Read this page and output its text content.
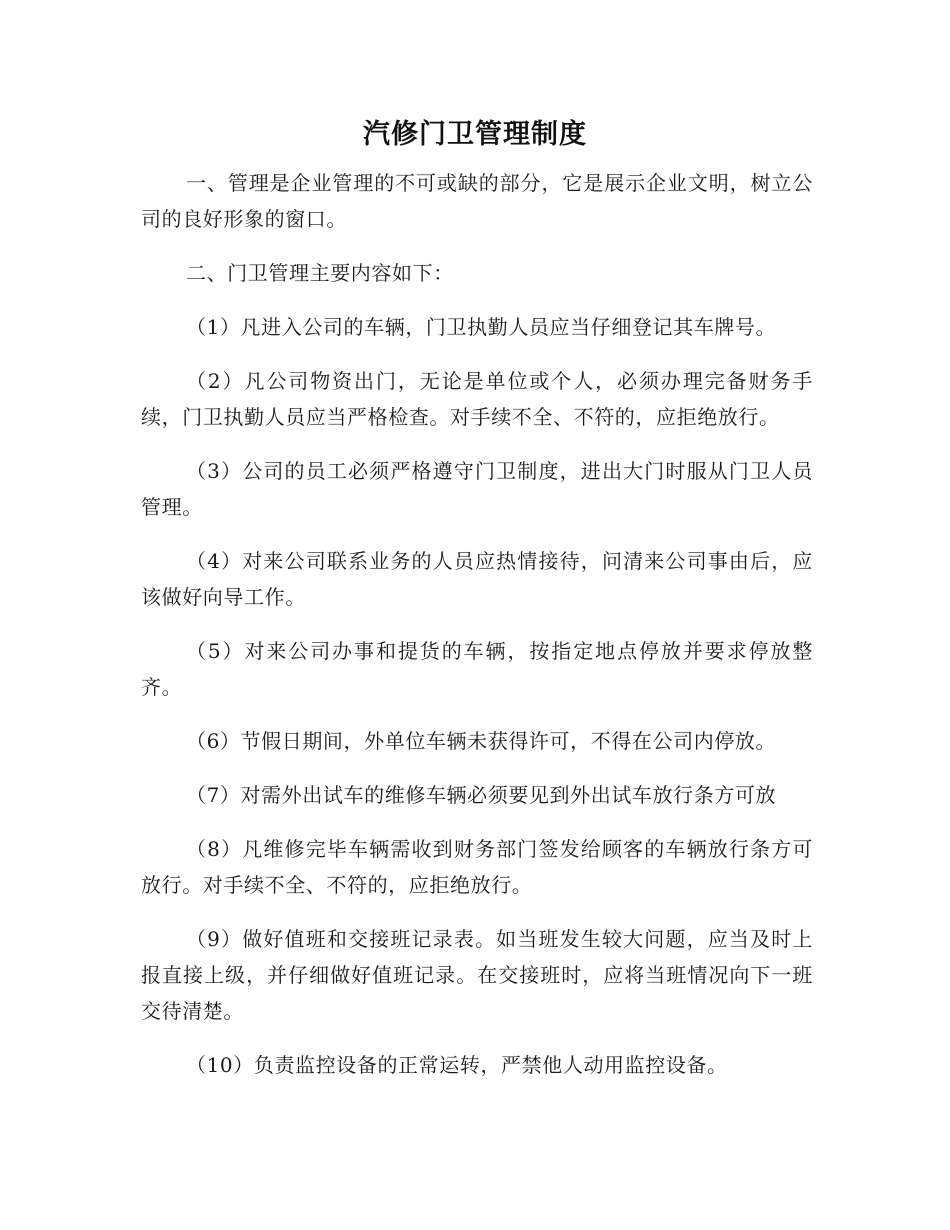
汽修门卫管理制度

一、管理是企业管理的不可或缺的部分，它是展示企业文明，树立公司的良好形象的窗口。

二、门卫管理主要内容如下：

（1）凡进入公司的车辆，门卫执勤人员应当仔细登记其车牌号。

（2）凡公司物资出门，无论是单位或个人，必须办理完备财务手续，门卫执勤人员应当严格检查。对手续不全、不符的，应拒绝放行。

（3）公司的员工必须严格遵守门卫制度，进出大门时服从门卫人员管理。

（4）对来公司联系业务的人员应热情接待，问清来公司事由后，应该做好向导工作。

（5）对来公司办事和提货的车辆，按指定地点停放并要求停放整齐。

（6）节假日期间，外单位车辆未获得许可，不得在公司内停放。

（7）对需外出试车的维修车辆必须要见到外出试车放行条方可放

（8）凡维修完毕车辆需收到财务部门签发给顾客的车辆放行条方可放行。对手续不全、不符的，应拒绝放行。

（9）做好值班和交接班记录表。如当班发生较大问题，应当及时上报直接上级，并仔细做好值班记录。在交接班时，应将当班情况向下一班交待清楚。

（10）负责监控设备的正常运转，严禁他人动用监控设备。
